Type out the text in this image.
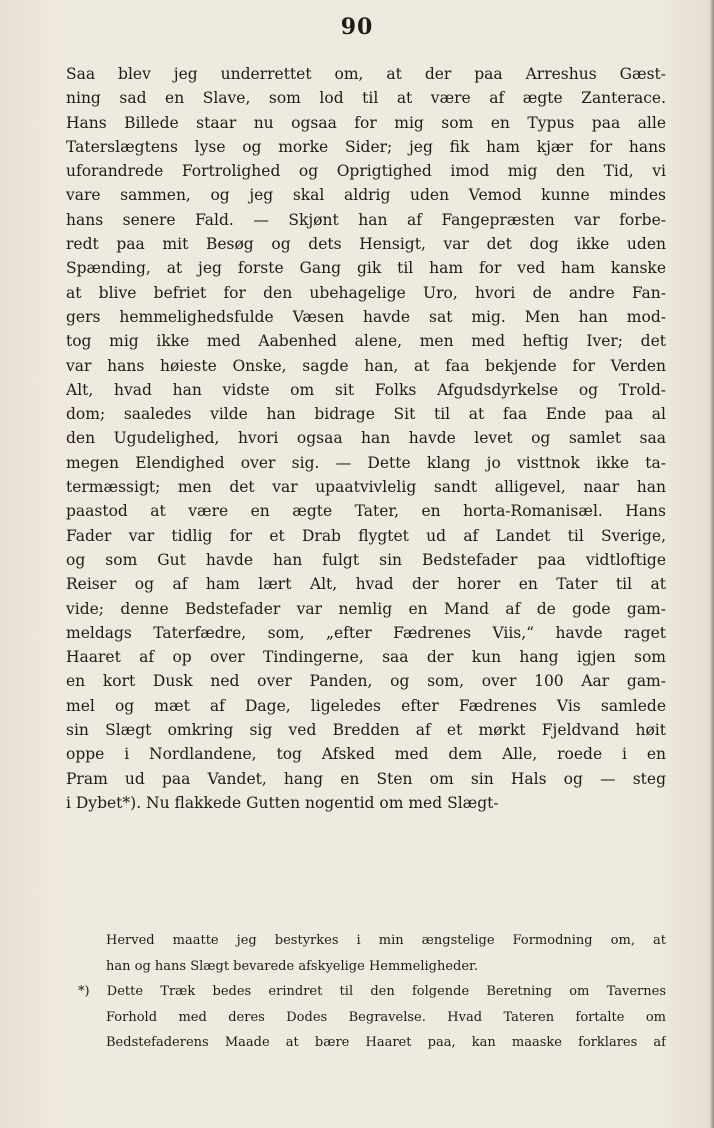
90
Saa blev jeg underrettet om, at der paa Arreshus Gæst-
ning sad en Slave, som lod til at være af ægte Zanterace.
Hans Billede staar nu ogsaa for mig som en Typus paa alle
Taterslægtens lyse og morke Sider; jeg fik ham kjær for hans
uforandrede Fortrolighed og Oprigtighed imod mig den Tid, vi
vare sammen, og jeg skal aldrig uden Vemod kunne mindes
hans senere Fald. — Skjønt han af Fangepræsten var forbe-
redt paa mit Besøg og dets Hensigt, var det dog ikke uden
Spænding, at jeg forste Gang gik til ham for ved ham kanske
at blive befriet for den ubehagelige Uro, hvori de andre Fan-
gers hemmelighedsfulde Væsen havde sat mig. Men han mod-
tog mig ikke med Aabenhed alene, men med heftig Iver; det
var hans høieste Onske, sagde han, at faa bekjende for Verden
Alt, hvad han vidste om sit Folks Afgudsdyrkelse og Trold-
dom; saaledes vilde han bidrage Sit til at faa Ende paa al
den Ugudelighed, hvori ogsaa han havde levet og samlet saa
megen Elendighed over sig. — Dette klang jo visttnok ikke ta-
termæssigt; men det var upaatvivlelig sandt alligevel, naar han
paastod at være en ægte Tater, en horta-Romanisæl. Hans
Fader var tidlig for et Drab flygtet ud af Landet til Sverige,
og som Gut havde han fulgt sin Bedstefader paa vidtloftige
Reiser og af ham lært Alt, hvad der horer en Tater til at
vide; denne Bedstefader var nemlig en Mand af de gode gam-
meldags Taterfædre, som, „efter Fædrenes Viis,“ havde raget
Haaret af op over Tindingerne, saa der kun hang igjen som
en kort Dusk ned over Panden, og som, over 100 Aar gam-
mel og mæt af Dage, ligeledes efter Fædrenes Vis samlede
sin Slægt omkring sig ved Bredden af et mørkt Fjeldvand høit
oppe i Nordlandene, tog Afsked med dem Alle, roede i en
Pram ud paa Vandet, hang en Sten om sin Hals og — steg
i Dybet*). Nu flakkede Gutten nogentid om med Slægt-
Herved maatte jeg bestyrkes i min ængstelige Formodning om, at
han og hans Slægt bevarede afskyelige Hemmeligheder.
*) Dette Træk bedes erindret til den folgende Beretning om Tavernes
Forhold med deres Dodes Begravelse. Hvad Tateren fortalte om
Bedstefaderens Maade at bære Haaret paa, kan maaske forklares af
